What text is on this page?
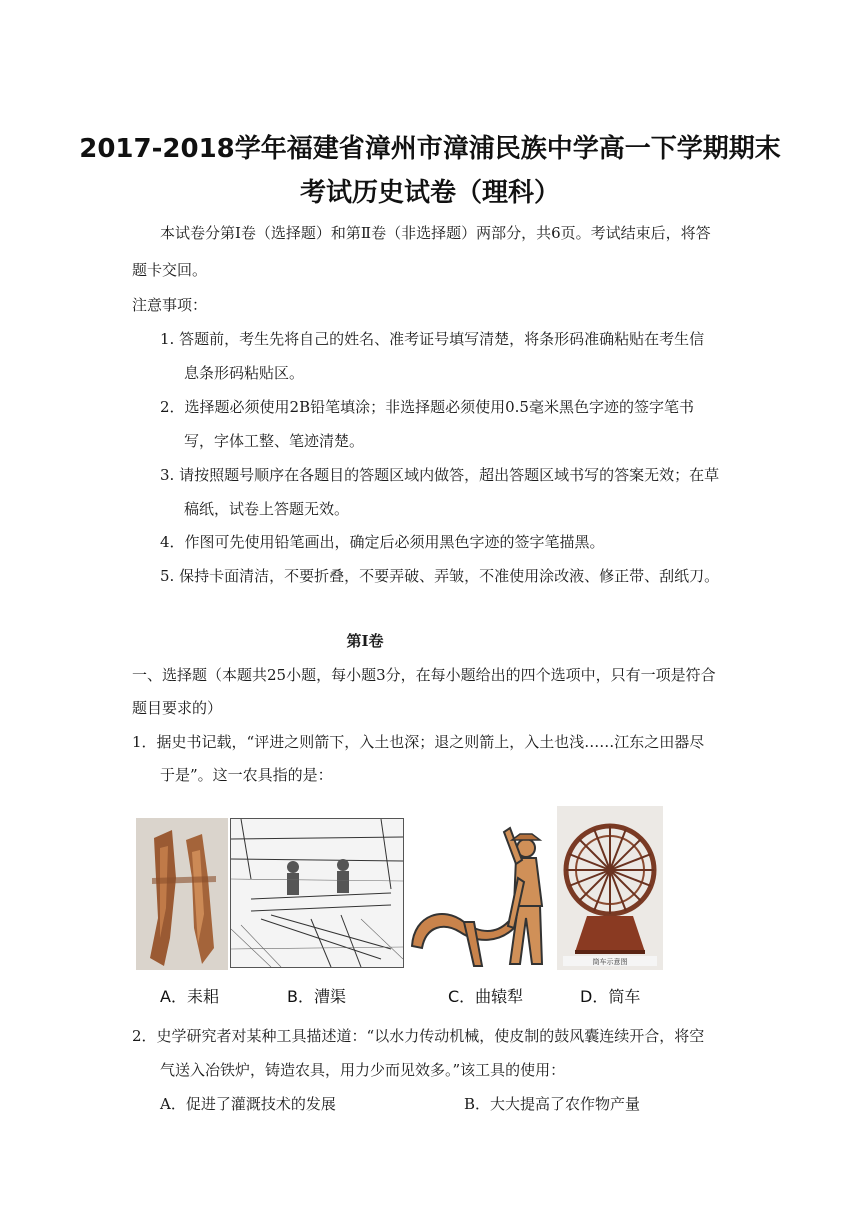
2017-2018学年福建省漳州市漳浦民族中学高一下学期期末
考试历史试卷（理科）
本试卷分第Ⅰ卷（选择题）和第Ⅱ卷（非选择题）两部分，共6页。考试结束后，将答
题卡交回。
注意事项：
1. 答题前，考生先将自己的姓名、准考证号填写清楚，将条形码准确粘贴在考生信
息条形码粘贴区。
2．选择题必须使用2B铅笔填涂；非选择题必须使用0.5毫米黑色字迹的签字笔书
写，字体工整、笔迹清楚。
3. 请按照题号顺序在各题目的答题区域内做答，超出答题区域书写的答案无效；在草
稿纸，试卷上答题无效。
4．作图可先使用铅笔画出，确定后必须用黑色字迹的签字笔描黑。
5. 保持卡面清洁，不要折叠，不要弄破、弄皱，不准使用涂改液、修正带、刮纸刀。
第Ⅰ卷
一、选择题（本题共25小题，每小题3分，在每小题给出的四个选项中，只有一项是符合
题目要求的）
1．据史书记载，“评进之则箭下，入土也深；退之则箭上，入土也浅……江东之田器尽
于是”。这一农具指的是：
筒车示意图
A．耒耜	B．漕渠	C．曲辕犁	D．筒车
2．史学研究者对某种工具描述道：“以水力传动机械，使皮制的鼓风囊连续开合，将空
气送入冶铁炉，铸造农具，用力少而见效多。”该工具的使用：
A．促进了灌溉技术的发展	B．大大提高了农作物产量
